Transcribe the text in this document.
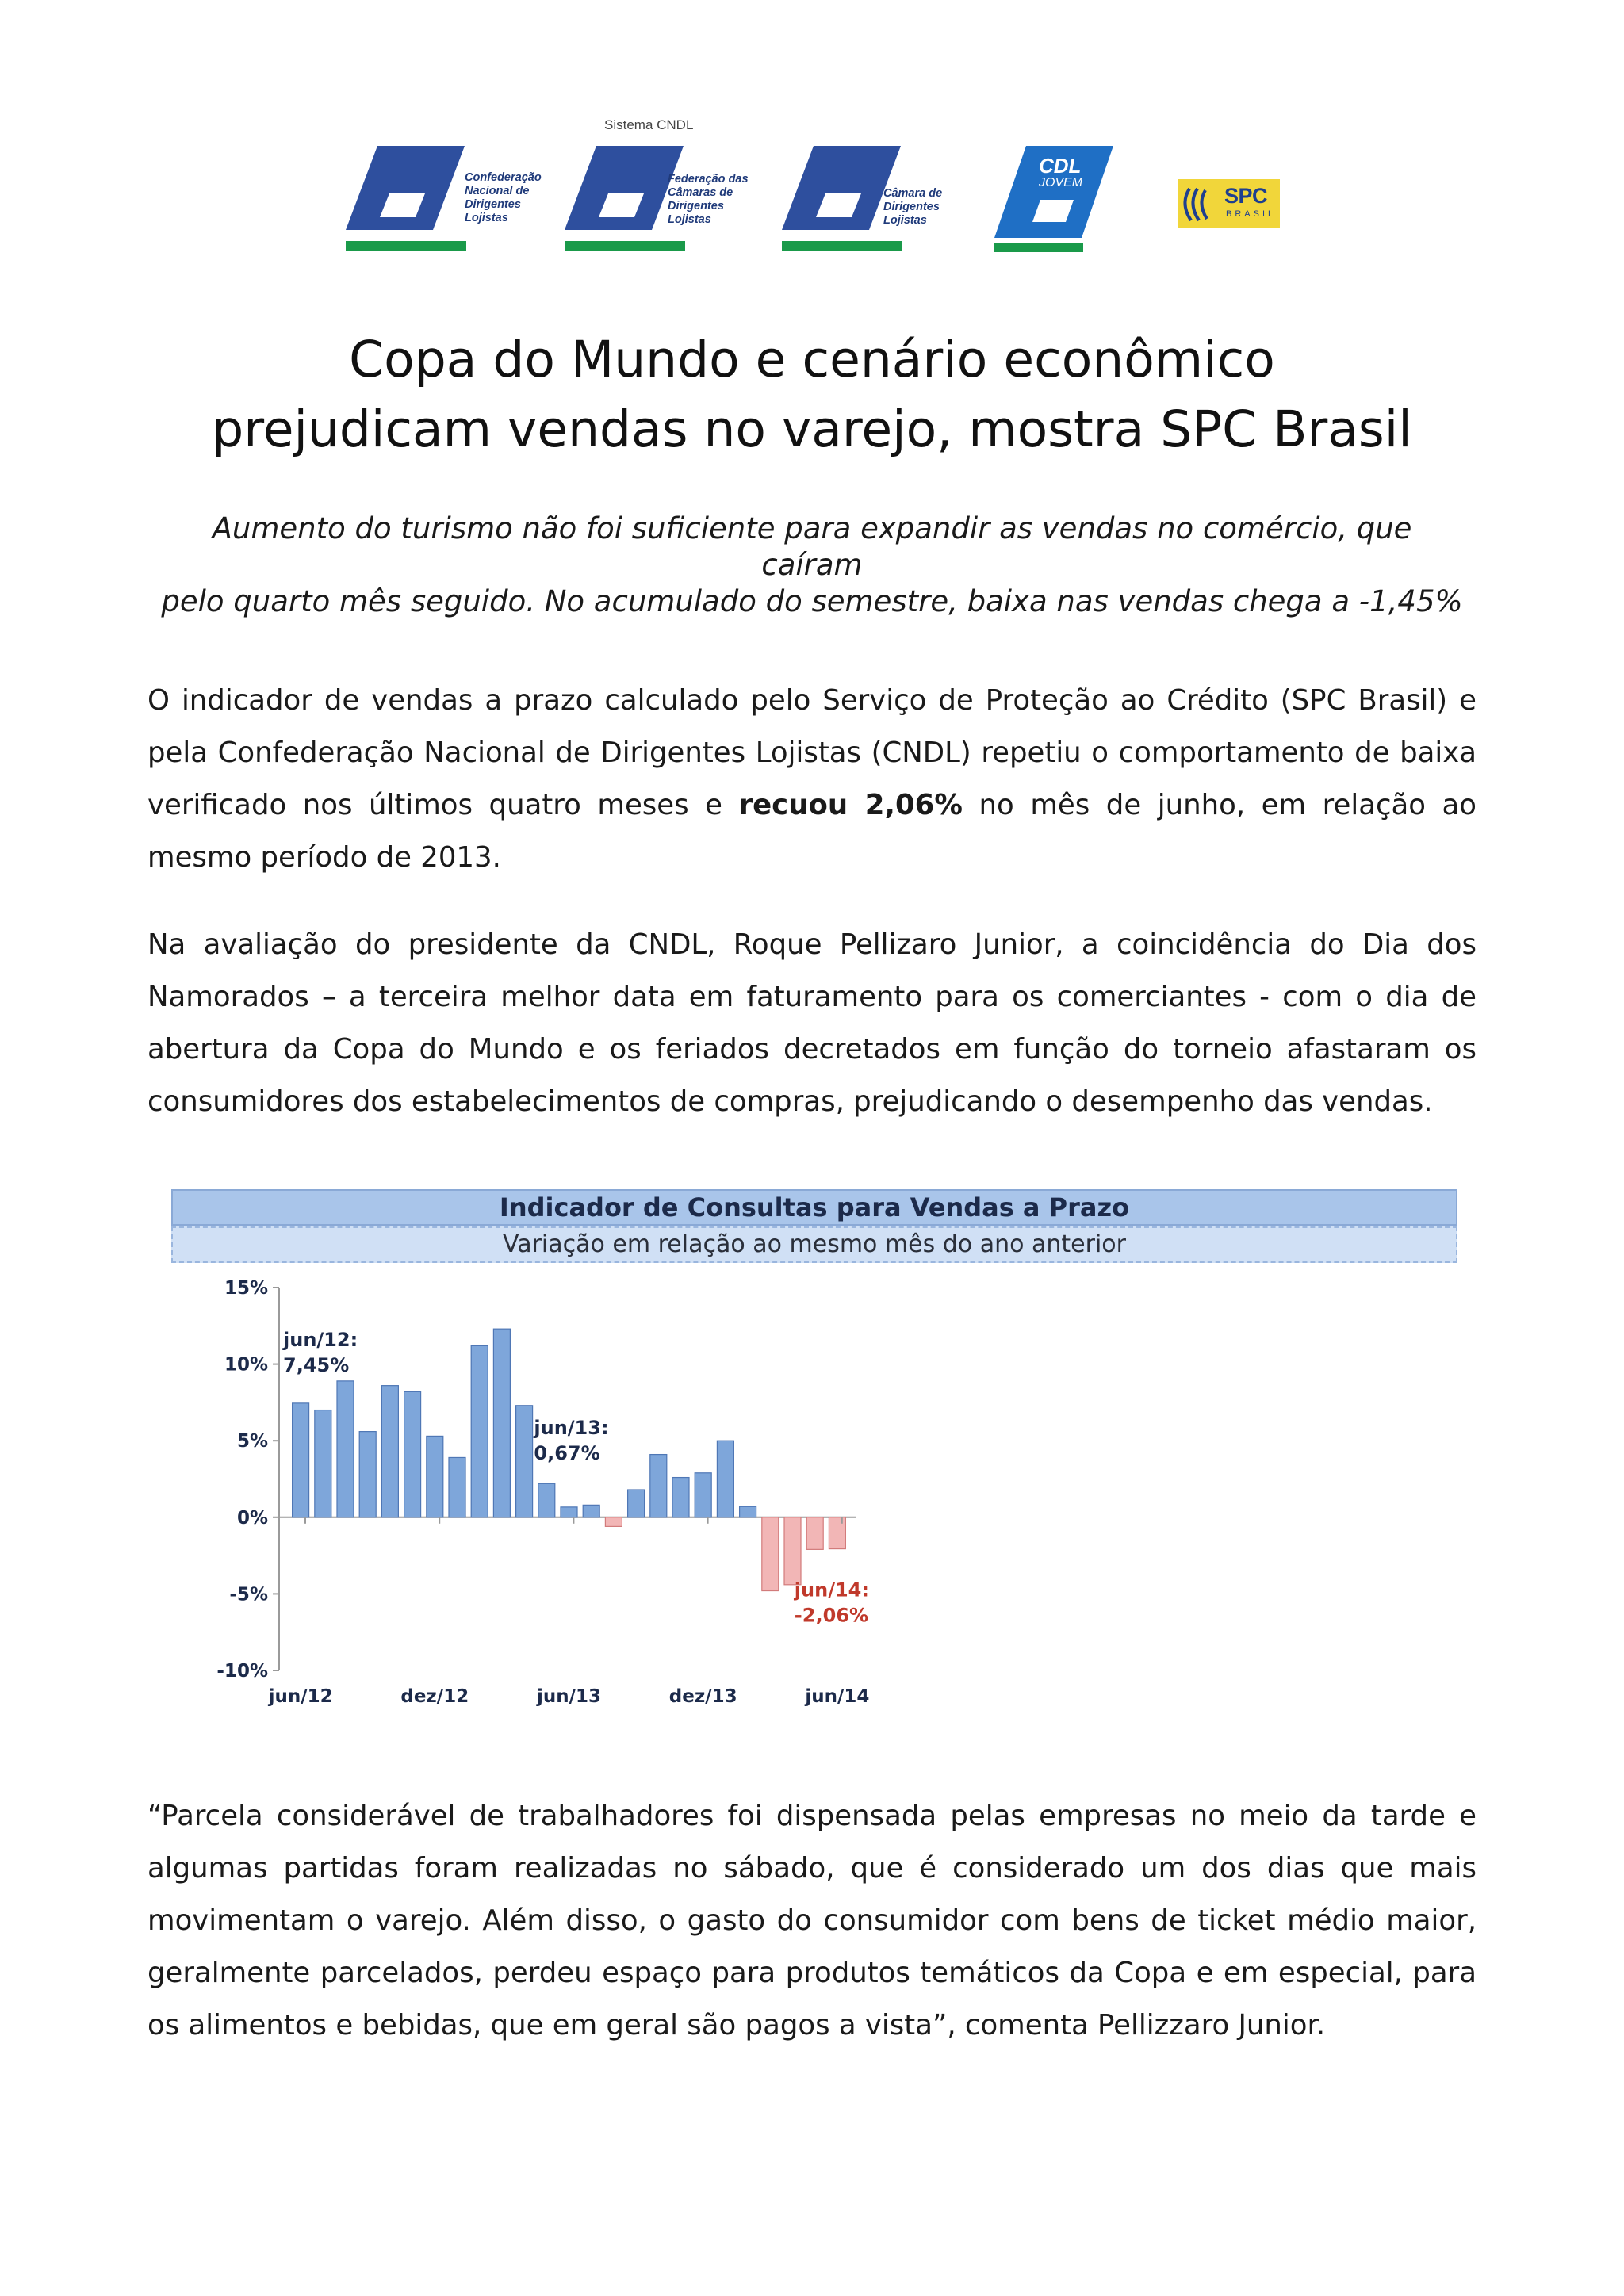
Sistema CNDL
Confederação
Nacional de
Dirigentes
Lojistas
Federação das
Câmaras de
Dirigentes
Lojistas
Câmara de
Dirigentes
Lojistas
CDL
JOVEM
SPC
BRASIL
Copa do Mundo e cenário econômico
prejudicam vendas no varejo, mostra SPC Brasil
Aumento do turismo não foi suficiente para expandir as vendas no comércio, que caíram
pelo quarto mês seguido. No acumulado do semestre, baixa nas vendas chega a -1,45%

O indicador de vendas a prazo calculado pelo Serviço de Proteção ao Crédito (SPC Brasil) e pela Confederação Nacional de Dirigentes Lojistas (CNDL) repetiu o comportamento de baixa verificado nos últimos quatro meses e recuou 2,06% no mês de junho, em relação ao mesmo período de 2013.

Na avaliação do presidente da CNDL, Roque Pellizaro Junior, a coincidência do Dia dos Namorados – a terceira melhor data em faturamento para os comerciantes - com o dia de abertura da Copa do Mundo e os feriados decretados em função do torneio afastaram os consumidores dos estabelecimentos de compras, prejudicando o desempenho das vendas.

Indicador de Consultas para Vendas a Prazo
Variação em relação ao mesmo mês do ano anterior
15%
10%
5%
0%
-5%
-10%
jun/12	dez/12	jun/13	dez/13	jun/14
jun/12:
7,45%
jun/13:
0,67%
jun/14:
-2,06%

“Parcela considerável de trabalhadores foi dispensada pelas empresas no meio da tarde e algumas partidas foram realizadas no sábado, que é considerado um dos dias que mais movimentam o varejo. Além disso, o gasto do consumidor com bens de ticket médio maior, geralmente parcelados, perdeu espaço para produtos temáticos da Copa e em especial, para os alimentos e bebidas, que em geral são pagos a vista”, comenta Pellizzaro Junior.
